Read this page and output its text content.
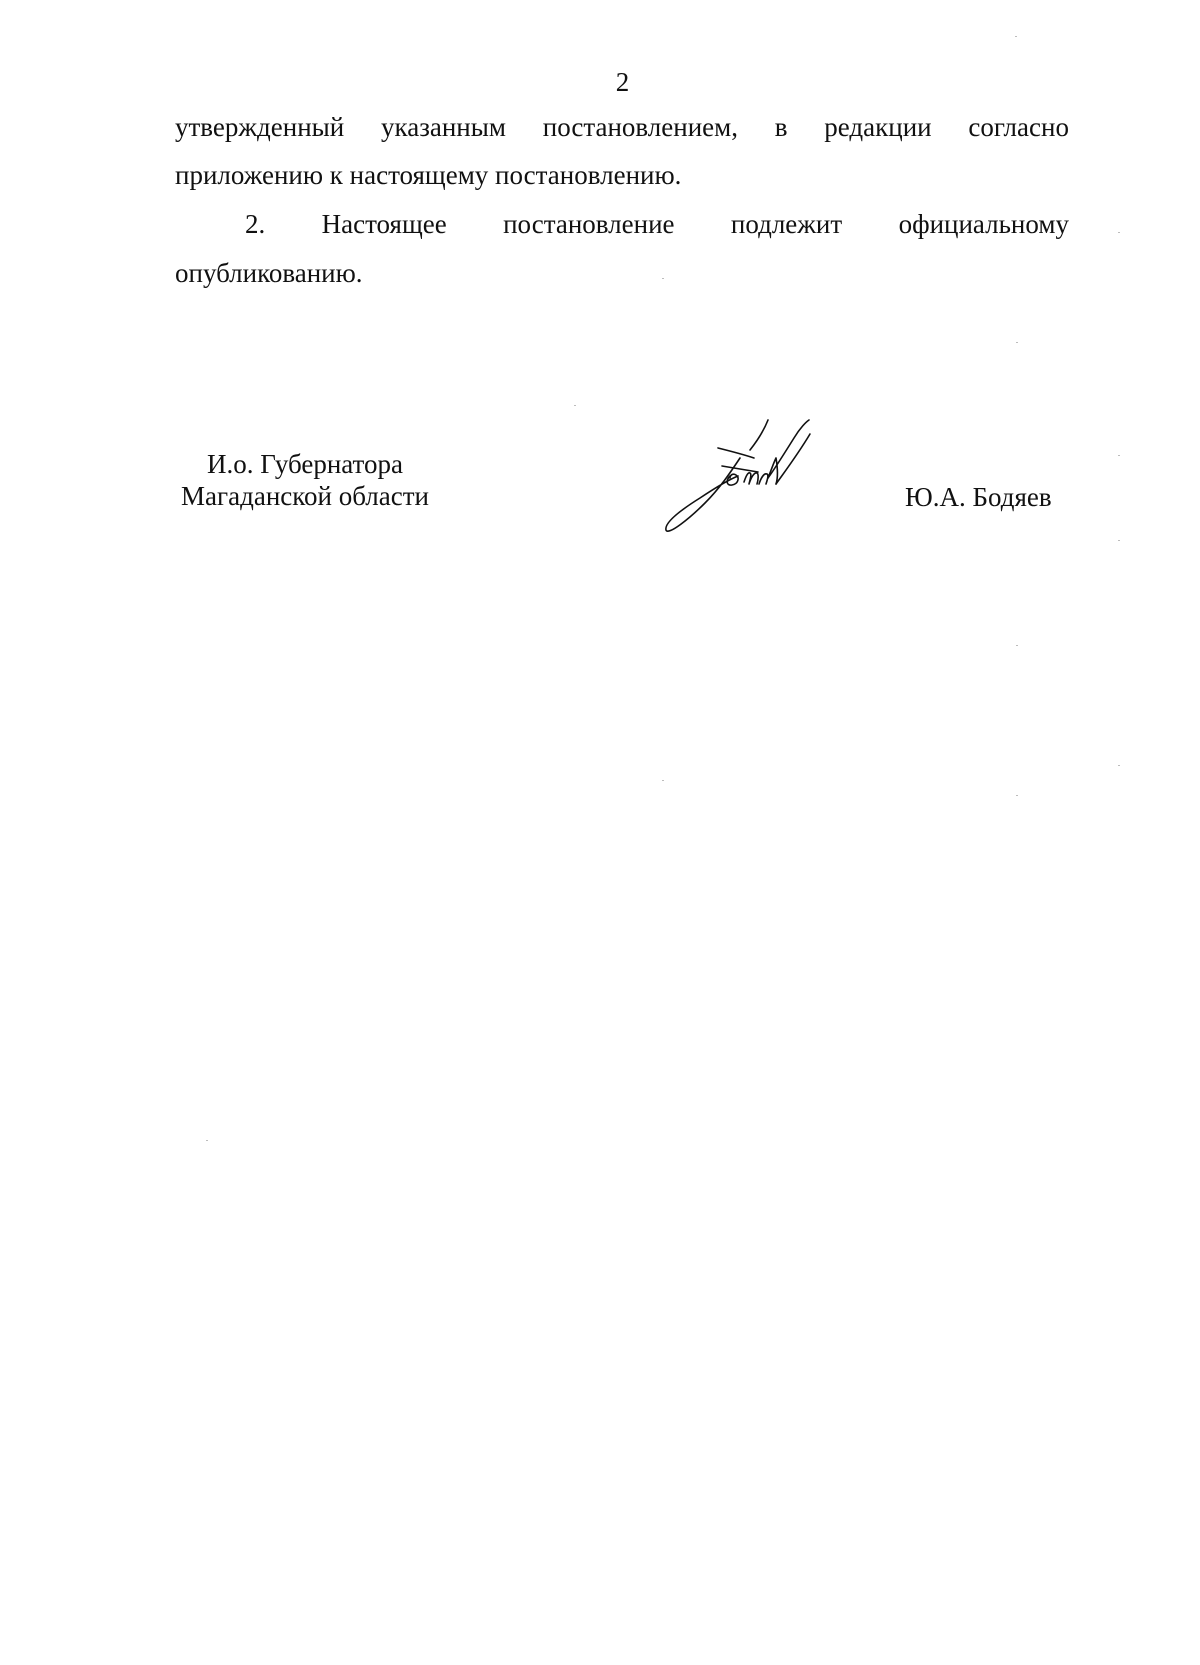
2
утвержденный указанным постановлением, в редакции согласно
приложению к настоящему постановлению.
2. Настоящее постановление подлежит официальному
опубликованию.
И.о. Губернатора
Магаданской области	Ю.А. Бодяев
